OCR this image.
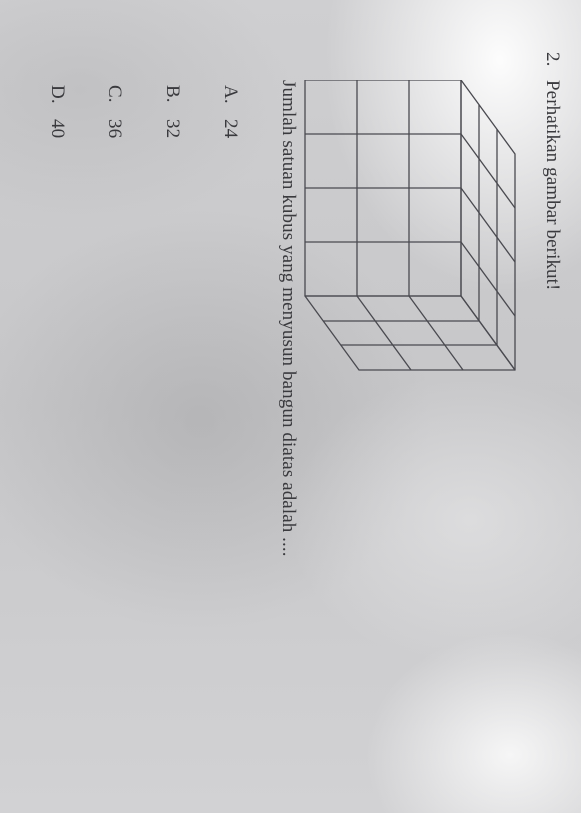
2.
Perhatikan gambar berikut!
Jumlah satuan kubus yang menyusun bangun diatas adalah ....
A.24
B.32
C.36
D.40
